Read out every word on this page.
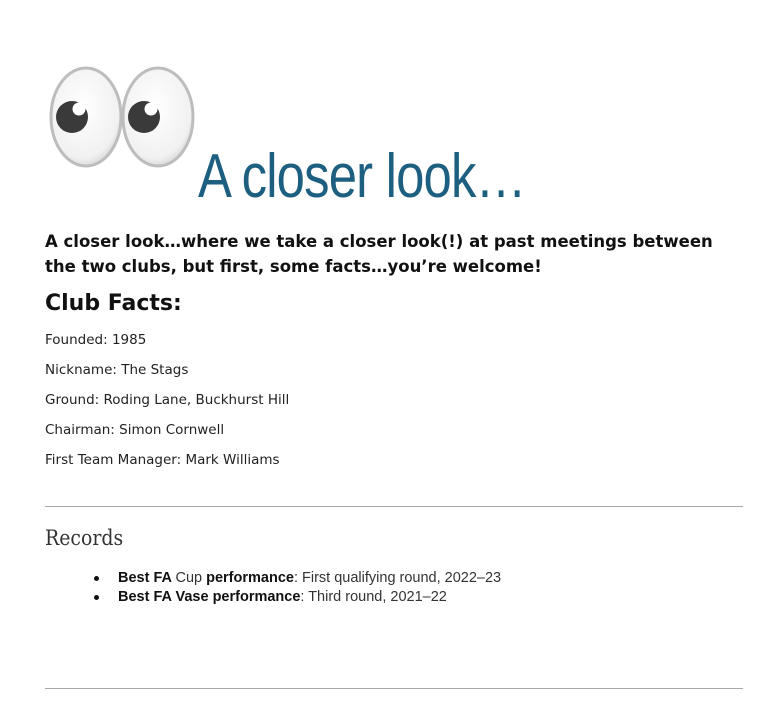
A closer look…
A closer look…where we take a closer look(!) at past meetings between the two clubs, but first, some facts…you’re welcome!
Club Facts:
Founded: 1985
Nickname: The Stags
Ground: Roding Lane, Buckhurst Hill
Chairman: Simon Cornwell
First Team Manager: Mark Williams
Records
Best FA Cup performance: First qualifying round, 2022–23
Best FA Vase performance: Third round, 2021–22
